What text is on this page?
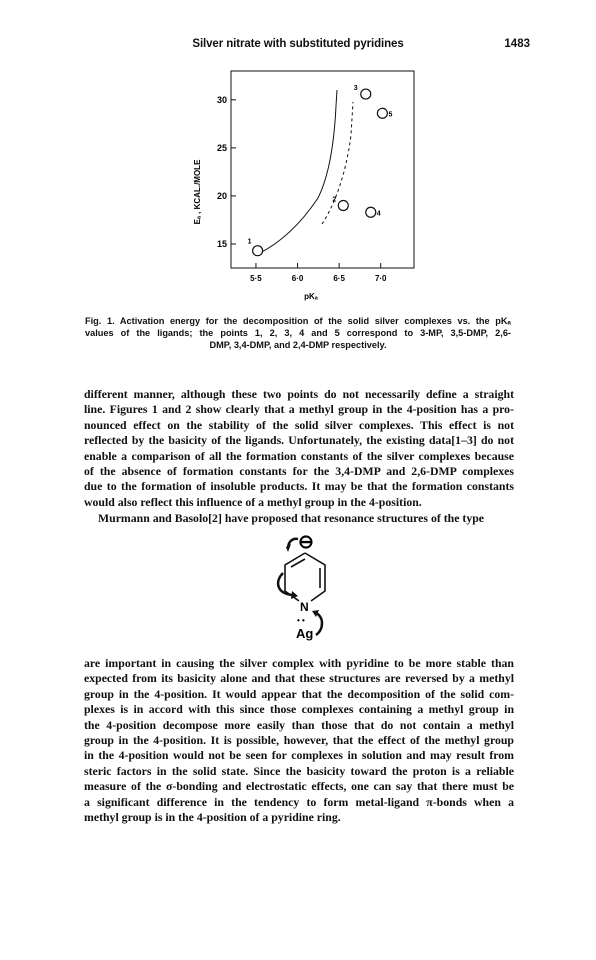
Silver nitrate with substituted pyridines	1483
15
20
25
30
5·5	6·0	6·5	7·0
1
2
3
4
5
Eₐ , KCAL./MOLE
pKₐ
Fig. 1. Activation energy for the decomposition of the solid silver complexes vs. the pKₐ
values of the ligands; the points 1, 2, 3, 4 and 5 correspond to 3-MP, 3,5-DMP, 2,6-
DMP, 3,4-DMP, and 2,4-DMP respectively.
different manner, although these two points do not necessarily define a straight
line. Figures 1 and 2 show clearly that a methyl group in the 4-position has a pro-
nounced effect on the stability of the solid silver complexes. This effect is not
reflected by the basicity of the ligands. Unfortunately, the existing data[1–3] do not
enable a comparison of all the formation constants of the silver complexes because
of the absence of formation constants for the 3,4-DMP and 2,6-DMP complexes
due to the formation of insoluble products. It may be that the formation constants
would also reflect this influence of a methyl group in the 4-position.
Murmann and Basolo[2] have proposed that resonance structures of the type
⊖
N
• •
Ag
are important in causing the silver complex with pyridine to be more stable than
expected from its basicity alone and that these structures are reversed by a methyl
group in the 4-position. It would appear that the decomposition of the solid com-
plexes is in accord with this since those complexes containing a methyl group in
the 4-position decompose more easily than those that do not contain a methyl
group in the 4-position. It is possible, however, that the effect of the methyl group
in the 4-position would not be seen for complexes in solution and may result from
steric factors in the solid state. Since the basicity toward the proton is a reliable
measure of the σ-bonding and electrostatic effects, one can say that there must be
a significant difference in the tendency to form metal-ligand π-bonds when a
methyl group is in the 4-position of a pyridine ring.
